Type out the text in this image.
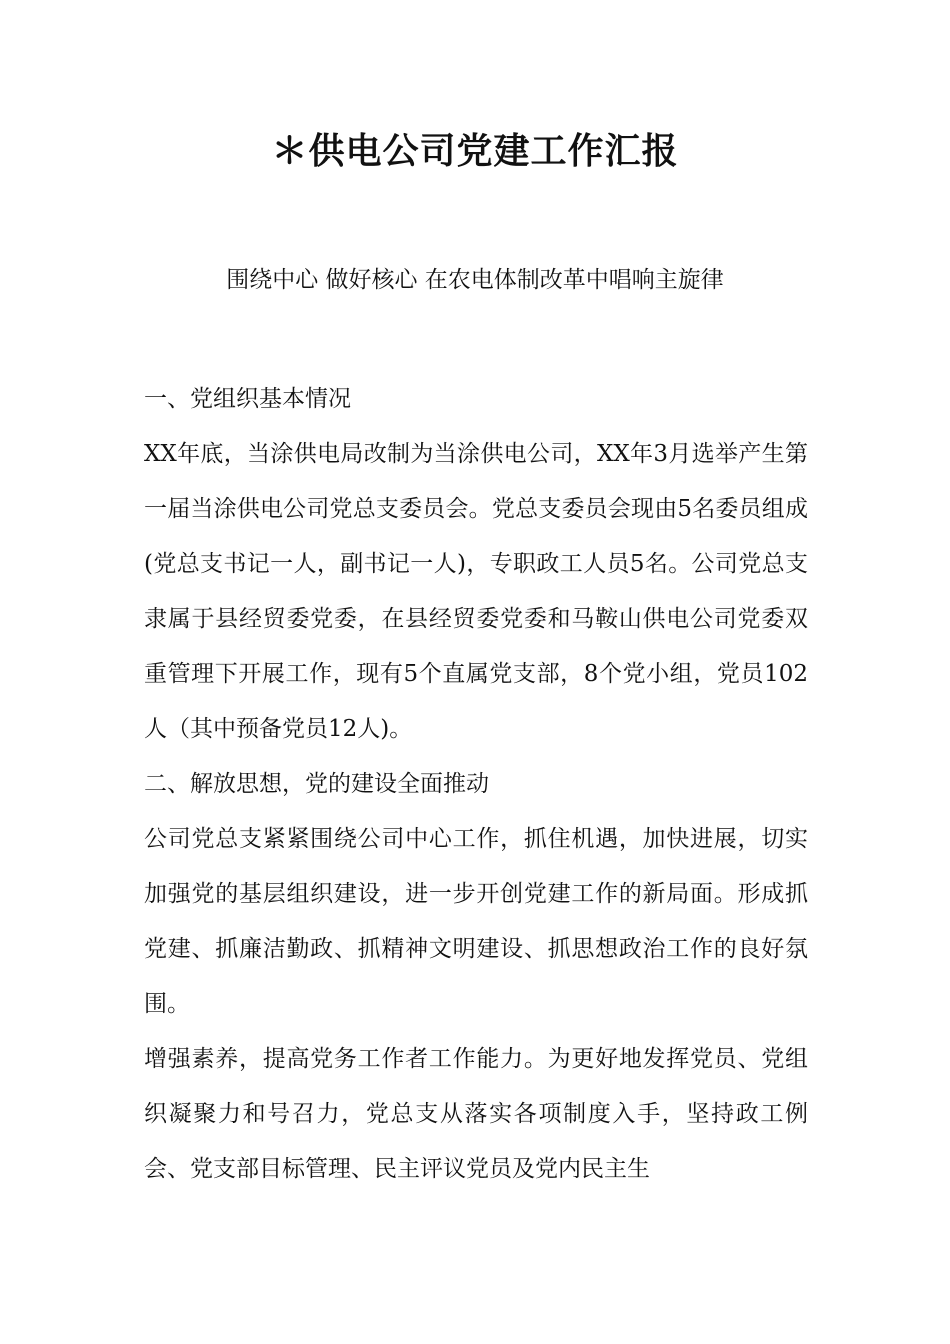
＊供电公司党建工作汇报
围绕中心 做好核心 在农电体制改革中唱响主旋律

一、党组织基本情况

XX年底，当涂供电局改制为当涂供电公司，XX年3月选举产生第一届当涂供电公司党总支委员会。党总支委员会现由5名委员组成(党总支书记一人，副书记一人)，专职政工人员5名。公司党总支隶属于县经贸委党委，在县经贸委党委和马鞍山供电公司党委双重管理下开展工作，现有5个直属党支部，8个党小组，党员102人（其中预备党员12人)。

二、解放思想，党的建设全面推动

公司党总支紧紧围绕公司中心工作，抓住机遇，加快进展，切实加强党的基层组织建设，进一步开创党建工作的新局面。形成抓党建、抓廉洁勤政、抓精神文明建设、抓思想政治工作的良好氛围。

增强素养，提高党务工作者工作能力。为更好地发挥党员、党组织凝聚力和号召力，党总支从落实各项制度入手，坚持政工例会、党支部目标管理、民主评议党员及党内民主生
